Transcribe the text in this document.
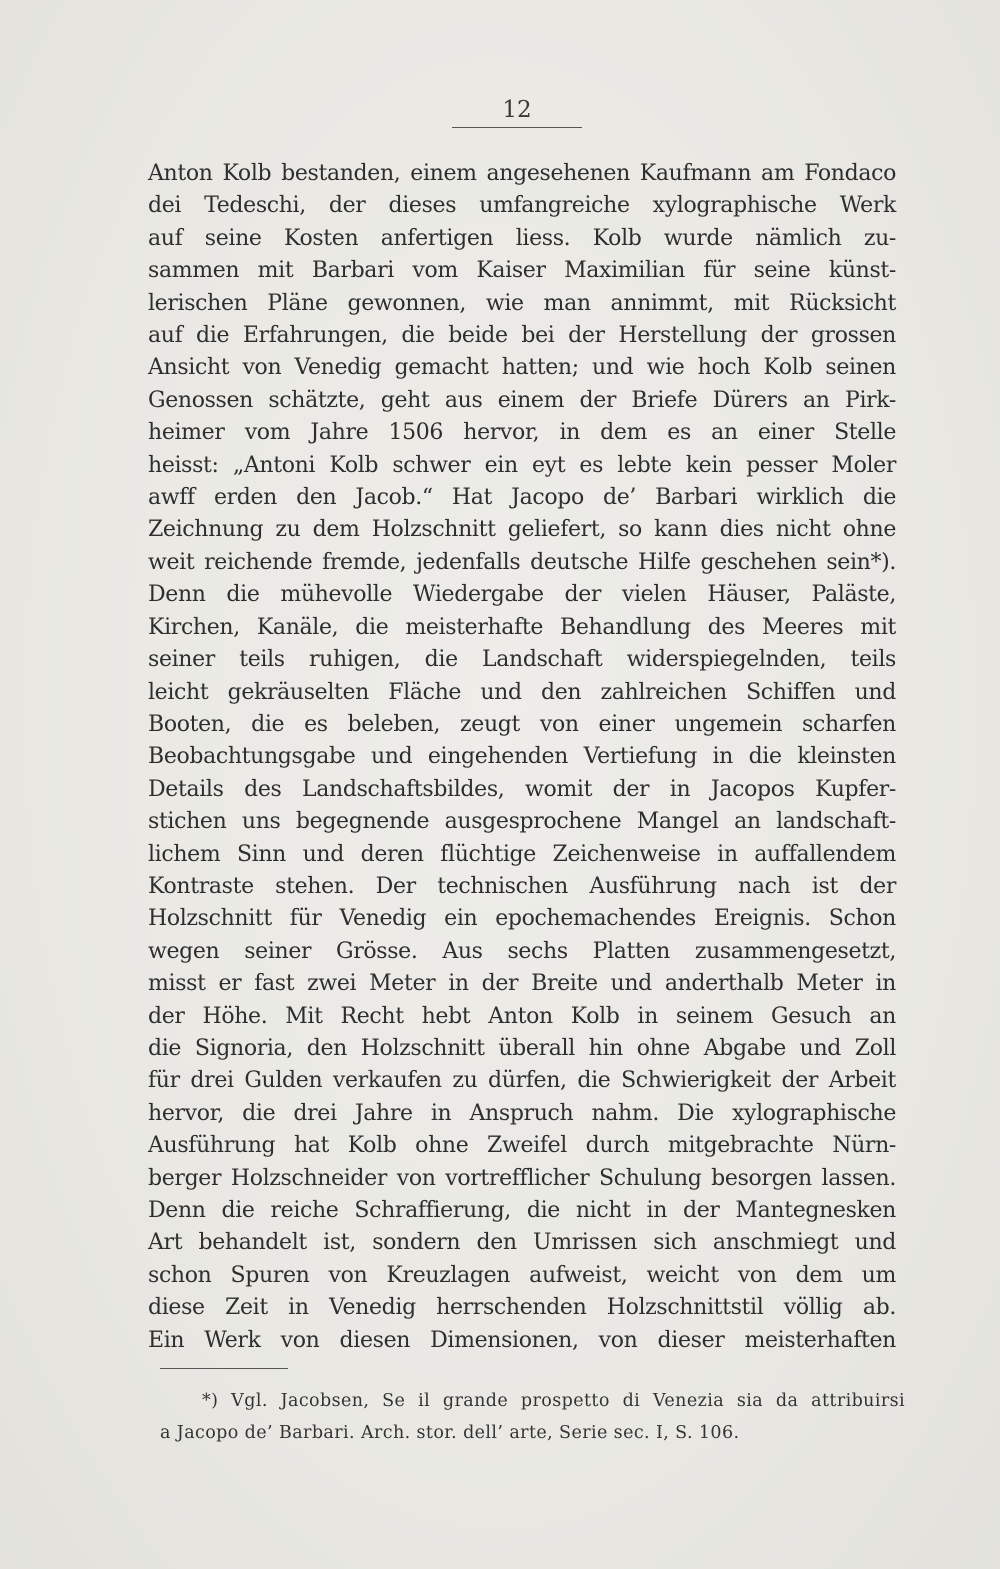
12
Anton Kolb bestanden, einem angesehenen Kaufmann am Fondaco
dei Tedeschi, der dieses umfangreiche xylographische Werk
auf seine Kosten anfertigen liess. Kolb wurde nämlich zu-
sammen mit Barbari vom Kaiser Maximilian für seine künst-
lerischen Pläne gewonnen, wie man annimmt, mit Rücksicht
auf die Erfahrungen, die beide bei der Herstellung der grossen
Ansicht von Venedig gemacht hatten; und wie hoch Kolb seinen
Genossen schätzte, geht aus einem der Briefe Dürers an Pirk-
heimer vom Jahre 1506 hervor, in dem es an einer Stelle
heisst: „Antoni Kolb schwer ein eyt es lebte kein pesser Moler
awff erden den Jacob.“ Hat Jacopo de’ Barbari wirklich die
Zeichnung zu dem Holzschnitt geliefert, so kann dies nicht ohne
weit reichende fremde, jedenfalls deutsche Hilfe geschehen sein*).
Denn die mühevolle Wiedergabe der vielen Häuser, Paläste,
Kirchen, Kanäle, die meisterhafte Behandlung des Meeres mit
seiner teils ruhigen, die Landschaft widerspiegelnden, teils
leicht gekräuselten Fläche und den zahlreichen Schiffen und
Booten, die es beleben, zeugt von einer ungemein scharfen
Beobachtungsgabe und eingehenden Vertiefung in die kleinsten
Details des Landschaftsbildes, womit der in Jacopos Kupfer-
stichen uns begegnende ausgesprochene Mangel an landschaft-
lichem Sinn und deren flüchtige Zeichenweise in auffallendem
Kontraste stehen. Der technischen Ausführung nach ist der
Holzschnitt für Venedig ein epochemachendes Ereignis. Schon
wegen seiner Grösse. Aus sechs Platten zusammengesetzt,
misst er fast zwei Meter in der Breite und anderthalb Meter in
der Höhe. Mit Recht hebt Anton Kolb in seinem Gesuch an
die Signoria, den Holzschnitt überall hin ohne Abgabe und Zoll
für drei Gulden verkaufen zu dürfen, die Schwierigkeit der Arbeit
hervor, die drei Jahre in Anspruch nahm. Die xylographische
Ausführung hat Kolb ohne Zweifel durch mitgebrachte Nürn-
berger Holzschneider von vortrefflicher Schulung besorgen lassen.
Denn die reiche Schraffierung, die nicht in der Mantegnesken
Art behandelt ist, sondern den Umrissen sich anschmiegt und
schon Spuren von Kreuzlagen aufweist, weicht von dem um
diese Zeit in Venedig herrschenden Holzschnittstil völlig ab.
Ein Werk von diesen Dimensionen, von dieser meisterhaften
*) Vgl. Jacobsen, Se il grande prospetto di Venezia sia da attribuirsi
a Jacopo de’ Barbari. Arch. stor. dell’ arte, Serie sec. I, S. 106.
